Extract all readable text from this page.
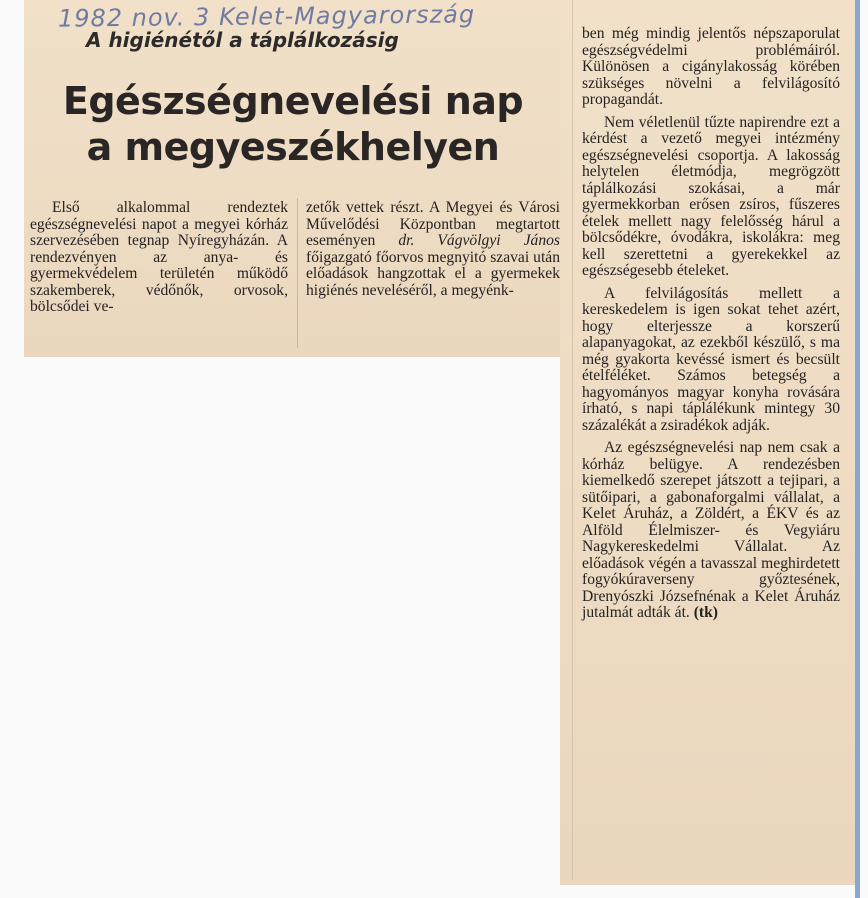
1982 nov. 3 Kelet-Magyarország
A higiénétől a táplálkozásig
Egészségnevelési nap
a megyeszékhelyen

Első alkalommal rendeztek egészségnevelési napot a megyei kórház szervezésében tegnap Nyíregyházán. A rendezvényen az anya- és gyermekvédelem területén működő szakemberek, védőnők, orvosok, bölcsődei ve-

zetők vettek részt. A Megyei és Városi Művelődési Központban megtartott eseményen dr. Vágvölgyi János főigazgató főorvos megnyitó szavai után előadások hangzottak el a gyermekek higiénés neveléséről, a megyénk-

ben még mindig jelentős népszaporulat egészségvédelmi problémáiról. Különösen a cigánylakosság körében szükséges növelni a felvilágosító propagandát.

Nem véletlenül tűzte napirendre ezt a kérdést a vezető megyei intézmény egészségnevelési csoportja. A lakosság helytelen életmódja, megrögzött táplálkozási szokásai, a már gyermekkorban erősen zsíros, fűszeres ételek mellett nagy felelősség hárul a bölcsődékre, óvodákra, iskolákra: meg kell szerettetni a gyerekekkel az egészségesebb ételeket.

A felvilágosítás mellett a kereskedelem is igen sokat tehet azért, hogy elterjessze a korszerű alapanyagokat, az ezekből készülő, s ma még gyakorta kevéssé ismert és becsült ételféléket. Számos betegség a hagyományos magyar konyha rovására írható, s napi táplálékunk mintegy 30 százalékát a zsiradékok adják.

Az egészségnevelési nap nem csak a kórház belügye. A rendezésben kiemelkedő szerepet játszott a tejipari, a sütőipari, a gabonaforgalmi vállalat, a Kelet Áruház, a Zöldért, a ÉKV és az Alföld Élelmiszer- és Vegyiáru Nagykereskedelmi Vállalat. Az előadások végén a tavasszal meghirdetett fogyókúraverseny győztesének, Drenyószki Józsefnénak a Kelet Áruház jutalmát adták át. (tk)
